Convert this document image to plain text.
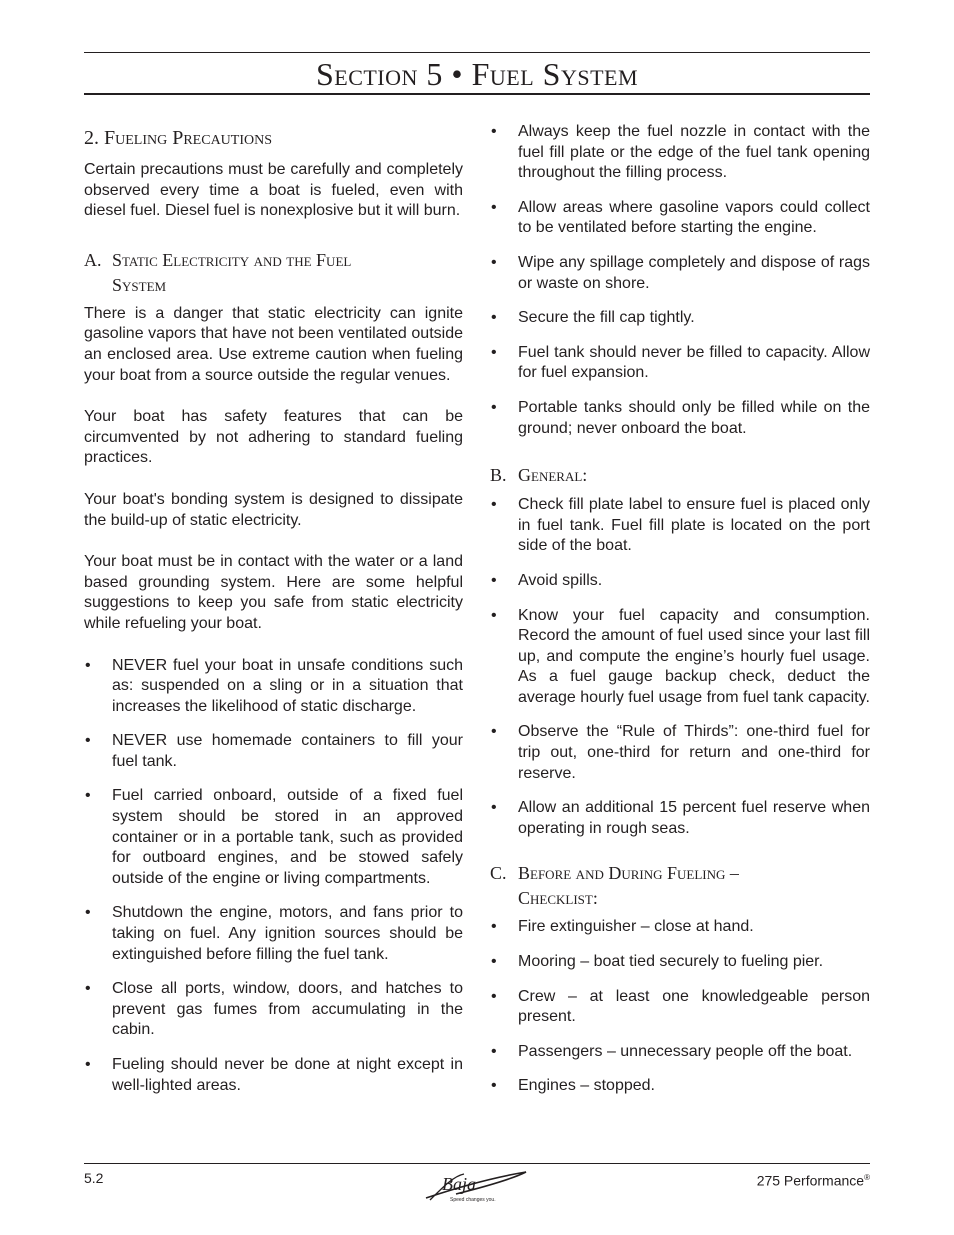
Section 5 • Fuel System
2. Fueling Precautions

Certain precautions must be carefully and completely observed every time a boat is fueled, even with diesel fuel. Diesel fuel is nonexplosive but it will burn.

A. Static Electricity and the Fuel
System

There is a danger that static electricity can ignite gasoline vapors that have not been ventilated outside an enclosed area. Use extreme caution when fueling your boat from a source outside the regular venues.

Your boat has safety features that can be circumvented by not adhering to standard fueling practices.

Your boat's bonding system is designed to dissipate the build-up of static electricity.

Your boat must be in contact with the water or a land based grounding system. Here are some helpful suggestions to keep you safe from static electricity while refueling your boat.

• NEVER fuel your boat in unsafe conditions such as: suspended on a sling or in a situation that increases the likelihood of static discharge.
• NEVER use homemade containers to fill your fuel tank.
• Fuel carried onboard, outside of a fixed fuel system should be stored in an approved container or in a portable tank, such as provided for outboard engines, and be stowed safely outside of the engine or living compartments.
• Shutdown the engine, motors, and fans prior to taking on fuel. Any ignition sources should be extinguished before filling the fuel tank.
• Close all ports, window, doors, and hatches to prevent gas fumes from accumulating in the cabin.
• Fueling should never be done at night except in well-lighted areas.
• Always keep the fuel nozzle in contact with the fuel fill plate or the edge of the fuel tank opening throughout the filling process.
• Allow areas where gasoline vapors could collect to be ventilated before starting the engine.
• Wipe any spillage completely and dispose of rags or waste on shore.
• Secure the fill cap tightly.
• Fuel tank should never be filled to capacity. Allow for fuel expansion.
• Portable tanks should only be filled while on the ground; never onboard the boat.
B. General:
• Check fill plate label to ensure fuel is placed only in fuel tank. Fuel fill plate is located on the port side of the boat.
• Avoid spills.
• Know your fuel capacity and consumption. Record the amount of fuel used since your last fill up, and compute the engine’s hourly fuel usage. As a fuel gauge backup check, deduct the average hourly fuel usage from fuel tank capacity.
• Observe the “Rule of Thirds”: one-third fuel for trip out, one-third for return and one-third for reserve.
• Allow an additional 15 percent fuel reserve when operating in rough seas.
C. Before and During Fueling –
Checklist:
• Fire extinguisher – close at hand.
• Mooring – boat tied securely to fueling pier.
• Crew – at least one knowledgeable person present.
• Passengers – unnecessary people off the boat.
• Engines – stopped.
5.2	Baja
Speed changes you.
275 Performance®
